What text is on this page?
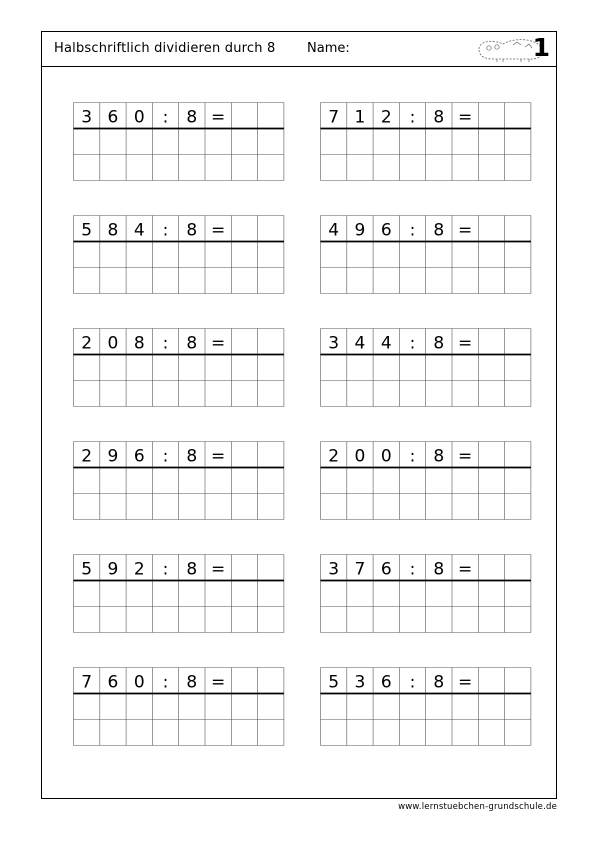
Halbschriftlich dividieren durch 8 Name:	1
3 6 0 : 8 =	7 1 2 : 8 =
5 8 4 : 8 =	4 9 6 : 8 =
2 0 8 : 8 =	3 4 4 : 8 =
2 9 6 : 8 =	2 0 0 : 8 =
5 9 2 : 8 =	3 7 6 : 8 =
7 6 0 : 8 =	5 3 6 : 8 =
www.lernstuebchen-grundschule.de
